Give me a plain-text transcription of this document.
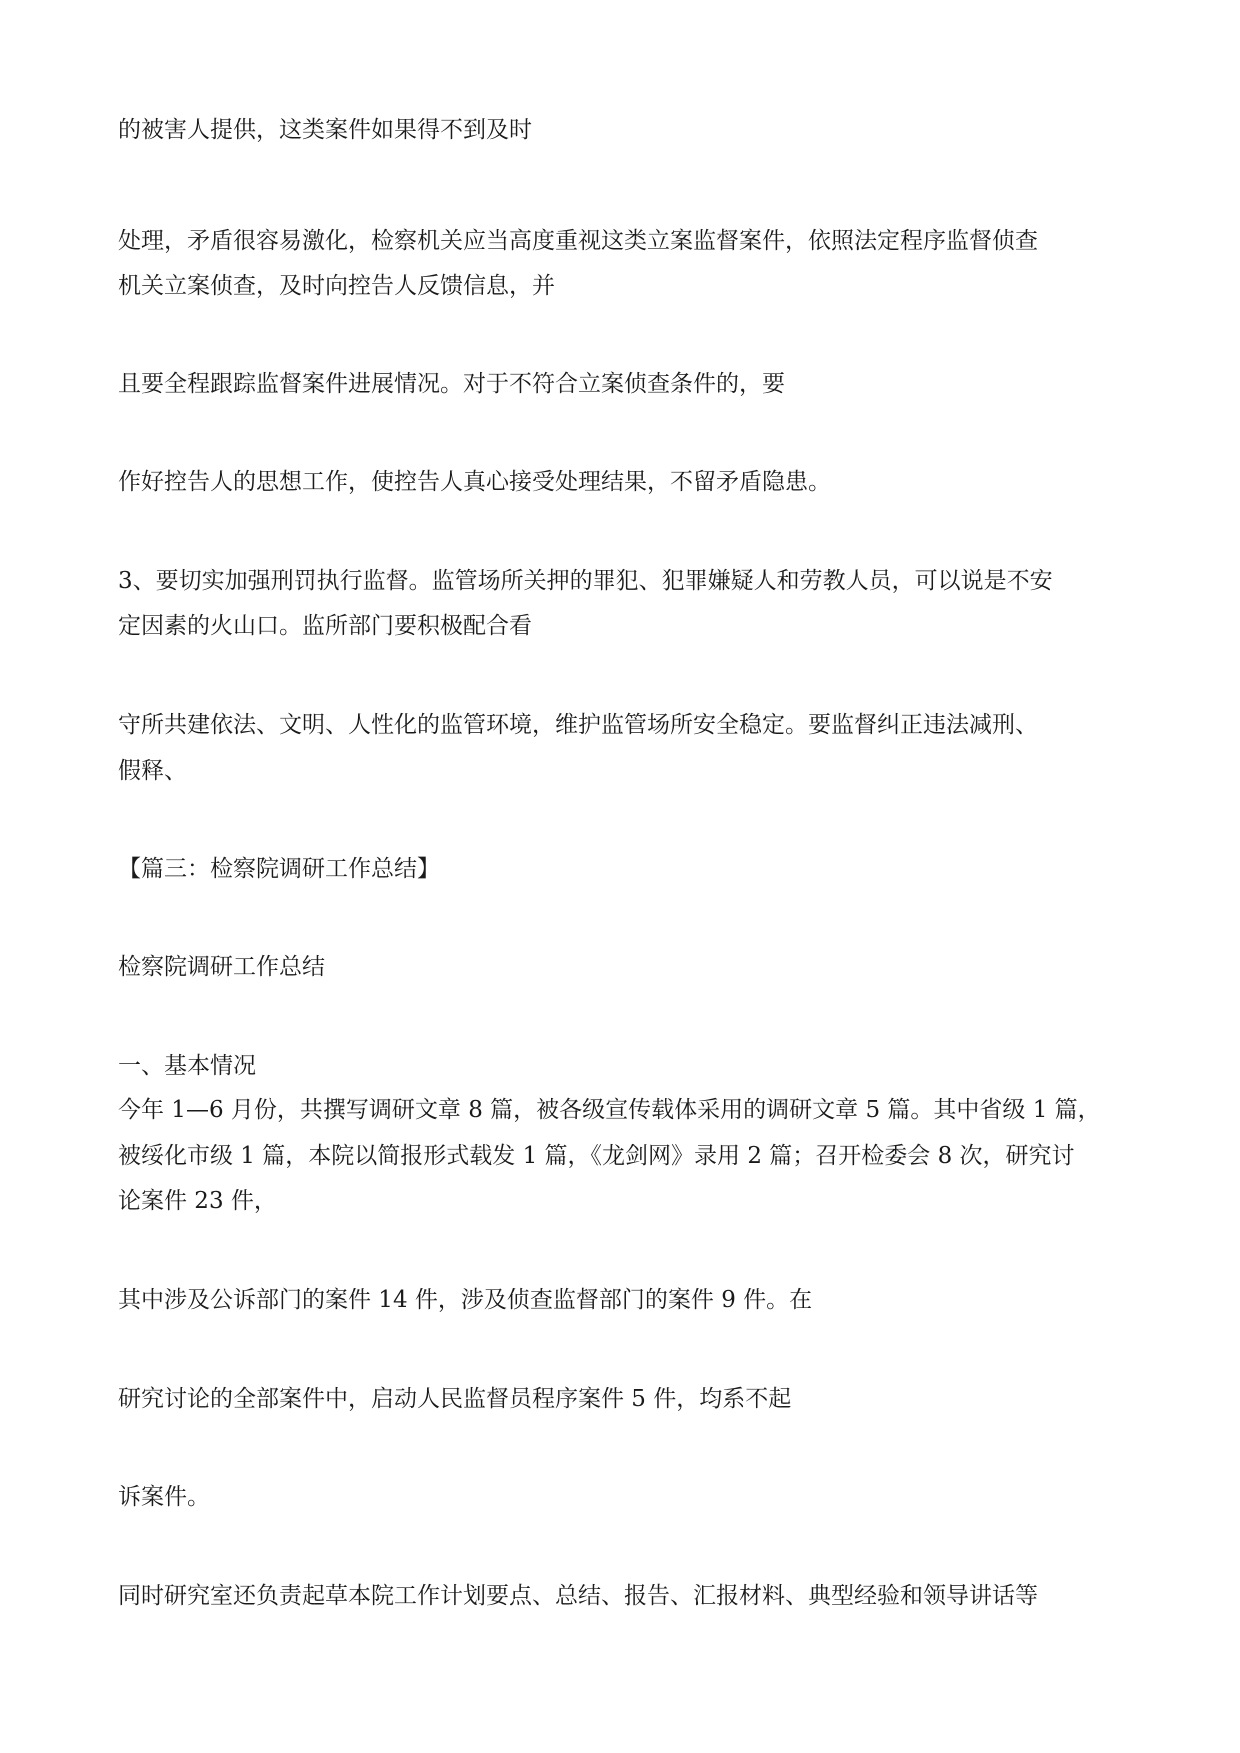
的被害人提供，这类案件如果得不到及时
处理，矛盾很容易激化，检察机关应当高度重视这类立案监督案件，依照法定程序监督侦查
机关立案侦查，及时向控告人反馈信息，并
且要全程跟踪监督案件进展情况。对于不符合立案侦查条件的，要
作好控告人的思想工作，使控告人真心接受处理结果，不留矛盾隐患。
3、要切实加强刑罚执行监督。监管场所关押的罪犯、犯罪嫌疑人和劳教人员，可以说是不安
定因素的火山口。监所部门要积极配合看
守所共建依法、文明、人性化的监管环境，维护监管场所安全稳定。要监督纠正违法减刑、
假释、
【篇三：检察院调研工作总结】
检察院调研工作总结
一、基本情况
今年 1—6 月份，共撰写调研文章 8 篇，被各级宣传载体采用的调研文章 5 篇。其中省级 1 篇，
被绥化市级 1 篇，本院以简报形式载发 1 篇，《龙剑网》录用 2 篇；召开检委会 8 次，研究讨
论案件 23 件，
其中涉及公诉部门的案件 14 件，涉及侦查监督部门的案件 9 件。在
研究讨论的全部案件中，启动人民监督员程序案件 5 件，均系不起
诉案件。
同时研究室还负责起草本院工作计划要点、总结、报告、汇报材料、典型经验和领导讲话等
